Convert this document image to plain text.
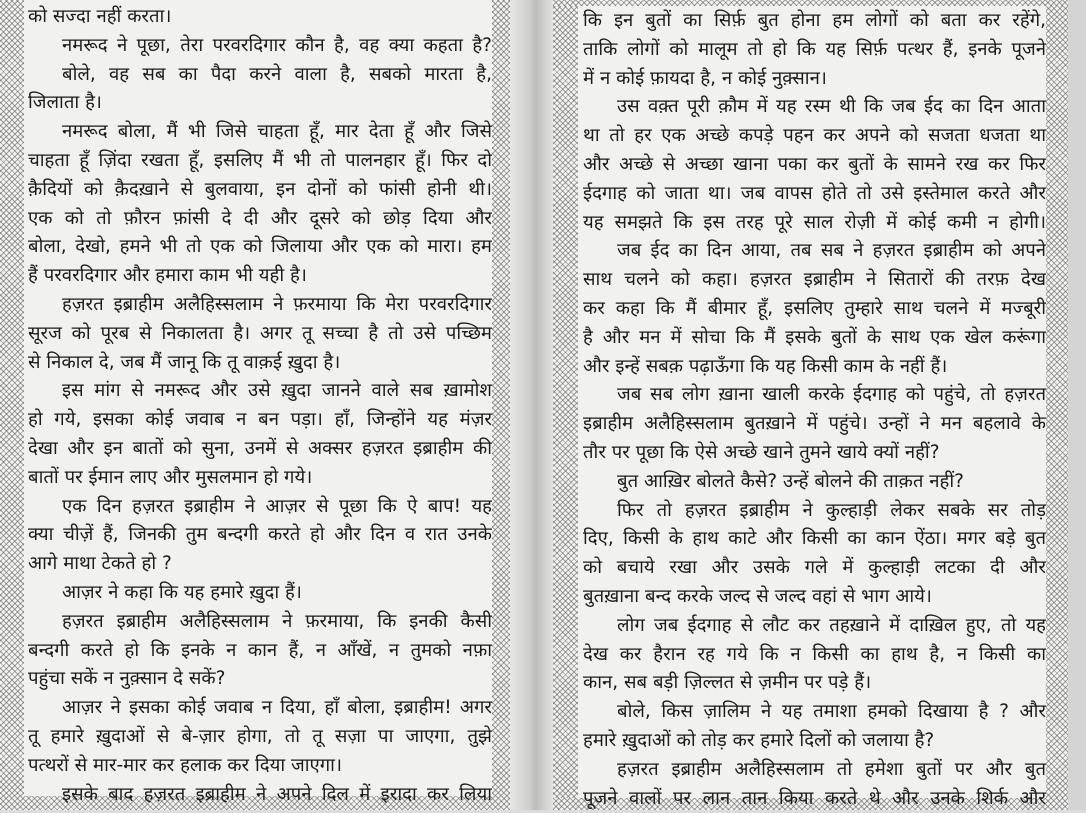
को सज्दा नहीं करता।
नमरूद ने पूछा, तेरा परवरदिगार कौन है, वह क्या कहता है?
बोले, वह सब का पैदा करने वाला है, सबको मारता है,
जिलाता है।
नमरूद बोला, मैं भी जिसे चाहता हूँ, मार देता हूँ और जिसे
चाहता हूँ ज़िंदा रखता हूँ, इसलिए मैं भी तो पालनहार हूँ। फिर दो
क़ैदियों को क़ैदख़ाने से बुलवाया, इन दोनों को फांसी होनी थी।
एक को तो फ़ौरन फ़ांसी दे दी और दूसरे को छोड़ दिया और
बोला, देखो, हमने भी तो एक को जिलाया और एक को मारा। हम
हैं परवरदिगार और हमारा काम भी यही है।
हज़रत इब्राहीम अलैहिस्सलाम ने फ़रमाया कि मेरा परवरदिगार
सूरज को पूरब से निकालता है। अगर तू सच्चा है तो उसे पच्छिम
से निकाल दे, जब मैं जानू कि तू वाक़ई ख़ुदा है।
इस मांग से नमरूद और उसे ख़ुदा जानने वाले सब ख़ामोश
हो गये, इसका कोई जवाब न बन पड़ा। हाँ, जिन्होंने यह मंज़र
देखा और इन बातों को सुना, उनमें से अक्सर हज़रत इब्राहीम की
बातों पर ईमान लाए और मुसलमान हो गये।
एक दिन हज़रत इब्राहीम ने आज़र से पूछा कि ऐ बाप! यह
क्या चीज़ें हैं, जिनकी तुम बन्दगी करते हो और दिन व रात उनके
आगे माथा टेकते हो ?
आज़र ने कहा कि यह हमारे ख़ुदा हैं।
हज़रत इब्राहीम अलैहिस्सलाम ने फ़रमाया, कि इनकी कैसी
बन्दगी करते हो कि इनके न कान हैं, न आँखें, न तुमको नफ़ा
पहुंचा सकें न नुक़्सान दे सकें?
आज़र ने इसका कोई जवाब न दिया, हाँ बोला, इब्राहीम! अगर
तू हमारे ख़ुदाओं से बे-ज़ार होगा, तो तू सज़ा पा जाएगा, तुझे
पत्थरों से मार-मार कर हलाक कर दिया जाएगा।
इसके बाद हज़रत इब्राहीम ने अपने दिल में इरादा कर लिया
कि इन बुतों का सिर्फ़ बुत होना हम लोगों को बता कर रहेंगे,
ताकि लोगों को मालूम तो हो कि यह सिर्फ़ पत्थर हैं, इनके पूजने
में न कोई फ़ायदा है, न कोई नुक़्सान।
उस वक़्त पूरी क़ौम में यह रस्म थी कि जब ईद का दिन आता
था तो हर एक अच्छे कपड़े पहन कर अपने को सजता धजता था
और अच्छे से अच्छा खाना पका कर बुतों के सामने रख कर फिर
ईदगाह को जाता था। जब वापस होते तो उसे इस्तेमाल करते और
यह समझते कि इस तरह पूरे साल रोज़ी में कोई कमी न होगी।
जब ईद का दिन आया, तब सब ने हज़रत इब्राहीम को अपने
साथ चलने को कहा। हज़रत इब्राहीम ने सितारों की तरफ़ देख
कर कहा कि मैं बीमार हूँ, इसलिए तुम्हारे साथ चलने में मज्बूरी
है और मन में सोचा कि मैं इसके बुतों के साथ एक खेल करूंगा
और इन्हें सबक़ पढ़ाऊँगा कि यह किसी काम के नहीं हैं।
जब सब लोग ख़ाना खाली करके ईदगाह को पहुंचे, तो हज़रत
इब्राहीम अलैहिस्सलाम बुतख़ाने में पहुंचे। उन्हों ने मन बहलावे के
तौर पर पूछा कि ऐसे अच्छे खाने तुमने खाये क्यों नहीं?
बुत आख़िर बोलते कैसे? उन्हें बोलने की ताक़त नहीं?
फिर तो हज़रत इब्राहीम ने कुल्हाड़ी लेकर सबके सर तोड़
दिए, किसी के हाथ काटे और किसी का कान ऐंठा। मगर बड़े बुत
को बचाये रखा और उसके गले में कुल्हाड़ी लटका दी और
बुतख़ाना बन्द करके जल्द से जल्द वहां से भाग आये।
लोग जब ईदगाह से लौट कर तहख़ाने में दाख़िल हुए, तो यह
देख कर हैरान रह गये कि न किसी का हाथ है, न किसी का
कान, सब बड़ी ज़िल्लत से ज़मीन पर पड़े हैं।
बोले, किस ज़ालिम ने यह तमाशा हमको दिखाया है ? और
हमारे ख़ुदाओं को तोड़ कर हमारे दिलों को जलाया है?
हज़रत इब्राहीम अलैहिस्सलाम तो हमेशा बुतों पर और बुत
पूजने वालों पर लान तान किया करते थे और उनके शिर्क और
